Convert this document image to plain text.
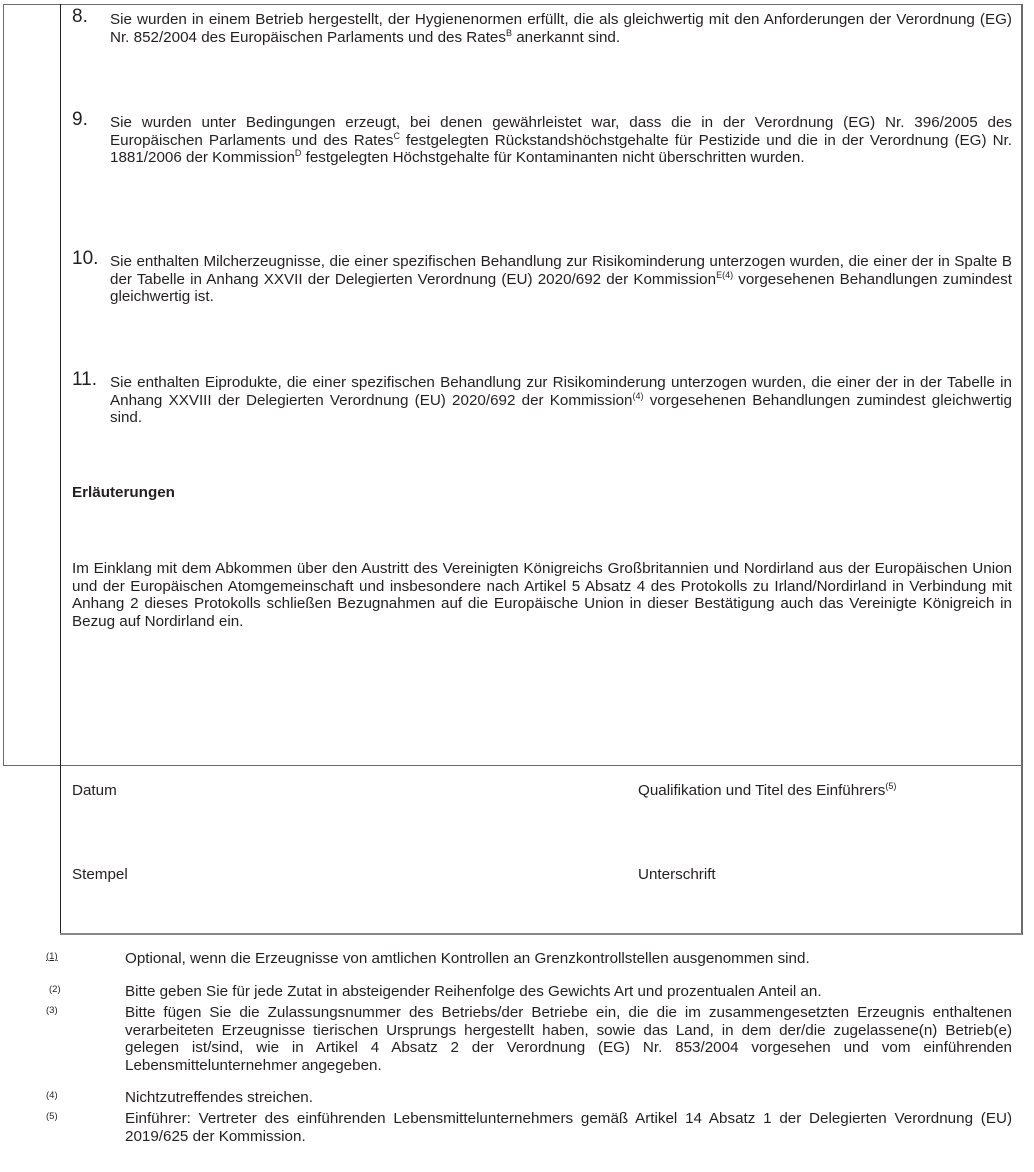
8. Sie wurden in einem Betrieb hergestellt, der Hygienenormen erfüllt, die als gleichwertig mit den Anforderungen der Verordnung (EG) Nr. 852/2004 des Europäischen Parlaments und des Rates$^B$ anerkannt sind.
9. Sie wurden unter Bedingungen erzeugt, bei denen gewährleistet war, dass die in der Verordnung (EG) Nr. 396/2005 des Europäischen Parlaments und des Rates$^C$ festgelegten Rückstandshöchstgehalte für Pestizide und die in der Verordnung (EG) Nr. 1881/2006 der Kommission$^D$ festgelegten Höchstgehalte für Kontaminanten nicht überschritten wurden.
10. Sie enthalten Milcherzeugnisse, die einer spezifischen Behandlung zur Risikominderung unterzogen wurden, die einer der in Spalte B der Tabelle in Anhang XXVII der Delegierten Verordnung (EU) 2020/692 der Kommission$^{E(4)}$ vorgesehenen Behandlungen zumindest gleichwertig ist.
11. Sie enthalten Eiprodukte, die einer spezifischen Behandlung zur Risikominderung unterzogen wurden, die einer der in der Tabelle in Anhang XXVIII der Delegierten Verordnung (EU) 2020/692 der Kommission$^{(4)}$ vorgesehenen Behandlungen zumindest gleichwertig sind.
Erläuterungen
Im Einklang mit dem Abkommen über den Austritt des Vereinigten Königreichs Großbritannien und Nordirland aus der Europäischen Union und der Europäischen Atomgemeinschaft und insbesondere nach Artikel 5 Absatz 4 des Protokolls zu Irland/Nordirland in Verbindung mit Anhang 2 dieses Protokolls schließen Bezugnahmen auf die Europäische Union in dieser Bestätigung auch das Vereinigte Königreich in Bezug auf Nordirland ein.
Datum	Qualifikation und Titel des Einführers$^{(5)}$
Stempel	Unterschrift
(1)	Optional, wenn die Erzeugnisse von amtlichen Kontrollen an Grenzkontrollstellen ausgenommen sind.
(2)	Bitte geben Sie für jede Zutat in absteigender Reihenfolge des Gewichts Art und prozentualen Anteil an.
(3)	Bitte fügen Sie die Zulassungsnummer des Betriebs/der Betriebe ein, die die im zusammengesetzten Erzeugnis enthaltenen verarbeiteten Erzeugnisse tierischen Ursprungs hergestellt haben, sowie das Land, in dem der/die zugelassene(n) Betrieb(e) gelegen ist/sind, wie in Artikel 4 Absatz 2 der Verordnung (EG) Nr. 853/2004 vorgesehen und vom einführenden Lebensmittelunternehmer angegeben.
(4)	Nichtzutreffendes streichen.
(5)	Einführer: Vertreter des einführenden Lebensmittelunternehmers gemäß Artikel 14 Absatz 1 der Delegierten Verordnung (EU) 2019/625 der Kommission.
